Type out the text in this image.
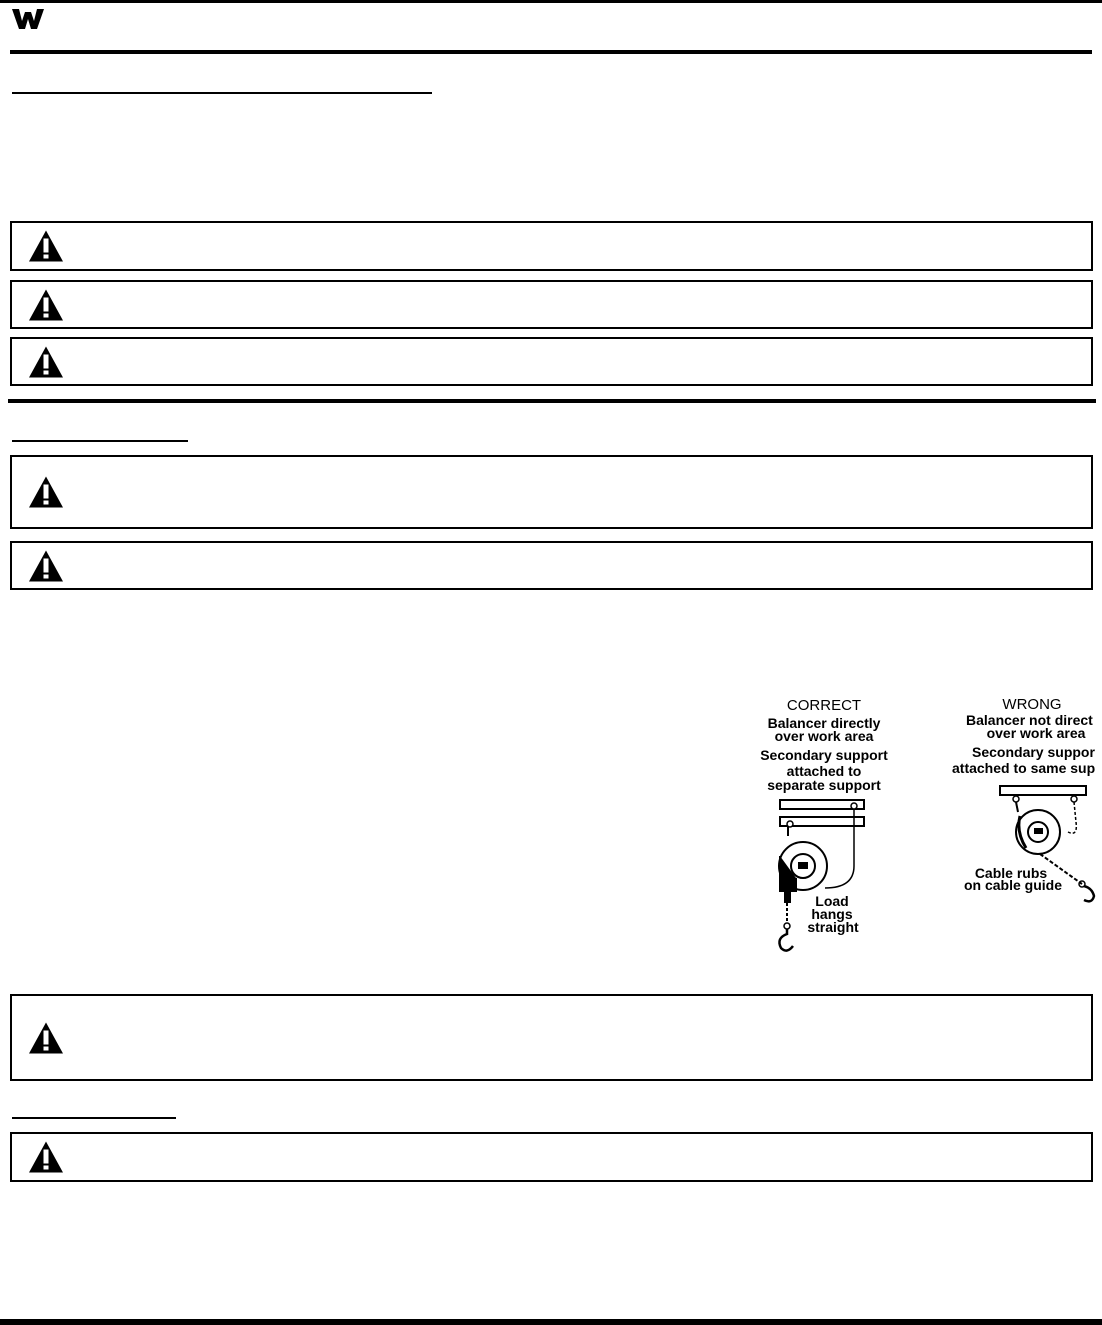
CORRECT
Balancer directly
over work area
Secondary support
attached to
separate support
Load
hangs
straight
WRONG
Balancer not direct
over work area
Secondary suppor
attached to same sup
Cable rubs
on cable guide
